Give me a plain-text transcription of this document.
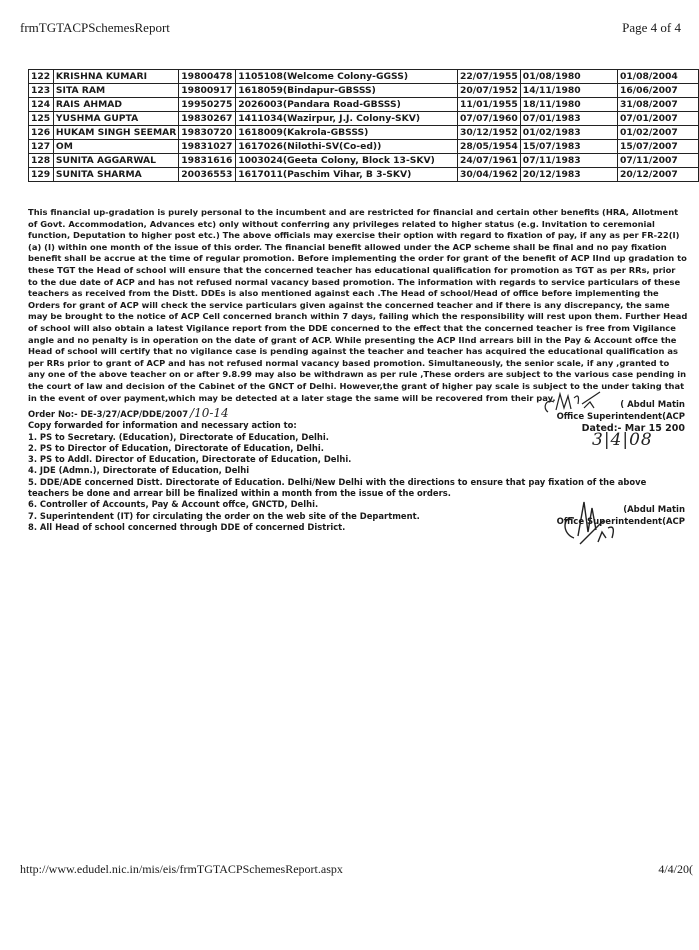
frmTGTACPSchemesReport	Page 4 of 4
122	KRISHNA KUMARI	19800478	1105108(Welcome Colony-GGSS)	22/07/1955	01/08/1980	01/08/2004
123	SITA RAM	19800917	1618059(Bindapur-GBSSS)	20/07/1952	14/11/1980	16/06/2007
124	RAIS AHMAD	19950275	2026003(Pandara Road-GBSSS)	11/01/1955	18/11/1980	31/08/2007
125	YUSHMA GUPTA	19830267	1411034(Wazirpur, J.J. Colony-SKV)	07/07/1960	07/01/1983	07/01/2007
126	HUKAM SINGH SEEMAR	19830720	1618009(Kakrola-GBSSS)	30/12/1952	01/02/1983	01/02/2007
127	OM	19831027	1617026(Nilothi-SV(Co-ed))	28/05/1954	15/07/1983	15/07/2007
128	SUNITA AGGARWAL	19831616	1003024(Geeta Colony, Block 13-SKV)	24/07/1961	07/11/1983	07/11/2007
129	SUNITA SHARMA	20036553	1617011(Paschim Vihar, B 3-SKV)	30/04/1962	20/12/1983	20/12/2007
This financial up-gradation is purely personal to the incumbent and are restricted for financial and certain other benefits (HRA, Allotment of Govt. Accommodation, Advances etc) only without conferring any privileges related to higher status (e.g. Invitation to ceremonial function, Deputation to higher post etc.) The above officials may exercise their option with regard to fixation of pay, if any as per FR-22(I) (a) (I) within one month of the issue of this order. The financial benefit allowed under the ACP scheme shall be final and no pay fixation benefit shall be accrue at the time of regular promotion. Before implementing the order for grant of the benefit of ACP IInd up gradation to these TGT the Head of school will ensure that the concerned teacher has educational qualification for promotion as TGT as per RRs, prior to the due date of ACP and has not refused normal vacancy based promotion. The information with regards to service particulars of these teachers as received from the Distt. DDEs is also mentioned against each .The Head of school/Head of office before implementing the Orders for grant of ACP will check the service particulars given against the concerned teacher and if there is any discrepancy, the same may be brought to the notice of ACP Cell concerned branch within 7 days, failing which the responsibility will rest upon them. Further Head of school will also obtain a latest Vigilance report from the DDE concerned to the effect that the concerned teacher is free from Vigilance angle and no penalty is in operation on the date of grant of ACP. While presenting the ACP IInd arrears bill in the Pay & Account offce the Head of school will certify that no vigilance case is pending against the teacher and teacher has acquired the educational qualification as per RRs prior to grant of ACP and has not refused normal vacancy based promotion. Simultaneously, the senior scale, if any ,granted to any one of the above teacher on or after 9.8.99 may also be withdrawn as per rule ,These orders are subject to the various case pending in the court of law and decision of the Cabinet of the GNCT of Delhi. However,the grant of higher pay scale is subject to the under taking that in the event of over payment,which may be detected at a later stage the same will be recovered from their pay.
( Abdul Matin
Office Superintendent(ACP
Dated:- Mar 15 200
3|4|08
Order No:- DE-3/27/ACP/DDE/2007 /10-14
Copy forwarded for information and necessary action to:
1. PS to Secretary. (Education), Directorate of Education, Delhi.
2. PS to Director of Education, Directorate of Education, Delhi.
3. PS to Addl. Director of Education, Directorate of Education, Delhi.
4. JDE (Admn.), Directorate of Education, Delhi
5. DDE/ADE concerned Distt. Directorate of Education. Delhi/New Delhi with the directions to ensure that pay fixation of the above teachers be done and arrear bill be finalized within a month from the issue of the orders.
6. Controller of Accounts, Pay & Account offce, GNCTD, Delhi.
7. Superintendent (IT) for circulating the order on the web site of the Department.
8. All Head of school concerned through DDE of concerned District.
(Abdul Matin
Office Superintendent(ACP
http://www.edudel.nic.in/mis/eis/frmTGTACPSchemesReport.aspx	4/4/20(
